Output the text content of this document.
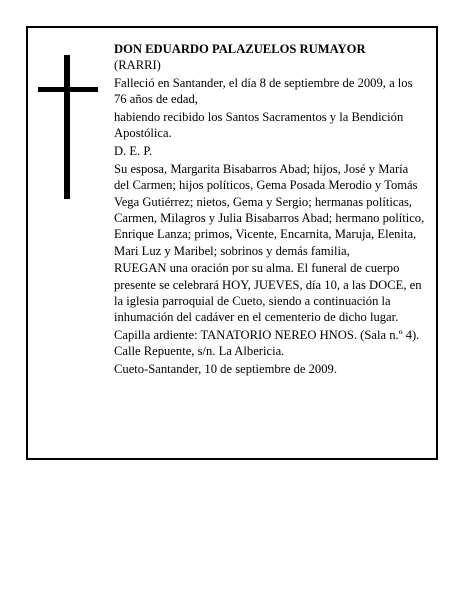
DON EDUARDO PALAZUELOS RUMAYOR

(RARRI)

Falleció en Santander, el día 8 de septiembre de 2009, a los 76 años de edad,

habiendo recibido los Santos Sacramentos y la Bendición Apostólica.

D. E. P.

Su esposa, Margarita Bisabarros Abad; hijos, José y María del Carmen; hijos políticos, Gema Posada Merodio y Tomás Vega Gutiérrez; nietos, Gema y Sergio; hermanas políticas, Carmen, Milagros y Julia Bisabarros Abad; hermano político, Enrique Lanza; primos, Vicente, Encarnita, Maruja, Elenita, Mari Luz y Maribel; sobrinos y demás familia,

RUEGAN una oración por su alma. El funeral de cuerpo presente se celebrará HOY, JUEVES, día 10, a las DOCE, en la iglesia parroquial de Cueto, siendo a continuación la inhumación del cadáver en el cementerio de dicho lugar.

Capilla ardiente: TANATORIO NEREO HNOS. (Sala n.º 4). Calle Repuente, s/n. La Albericia.

Cueto-Santander, 10 de septiembre de 2009.
